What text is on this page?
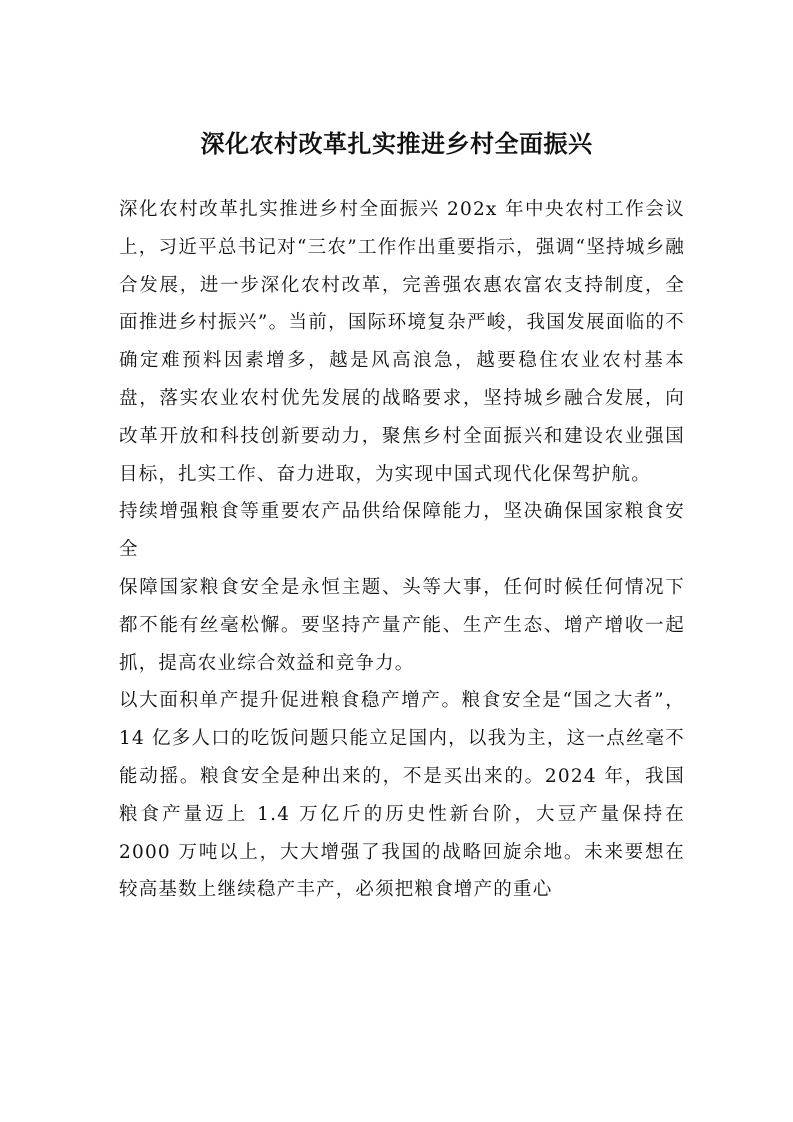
深化农村改革扎实推进乡村全面振兴

深化农村改革扎实推进乡村全面振兴 202x 年中央农村工作会议上，习近平总书记对“三农”工作作出重要指示，强调“坚持城乡融合发展，进一步深化农村改革，完善强农惠农富农支持制度，全面推进乡村振兴”。当前，国际环境复杂严峻，我国发展面临的不确定难预料因素增多，越是风高浪急，越要稳住农业农村基本盘，落实农业农村优先发展的战略要求，坚持城乡融合发展，向改革开放和科技创新要动力，聚焦乡村全面振兴和建设农业强国目标，扎实工作、奋力进取，为实现中国式现代化保驾护航。

持续增强粮食等重要农产品供给保障能力，坚决确保国家粮食安全

保障国家粮食安全是永恒主题、头等大事，任何时候任何情况下都不能有丝毫松懈。要坚持产量产能、生产生态、增产增收一起抓，提高农业综合效益和竞争力。

以大面积单产提升促进粮食稳产增产。粮食安全是“国之大者”，14 亿多人口的吃饭问题只能立足国内，以我为主，这一点丝毫不能动摇。粮食安全是种出来的，不是买出来的。2024 年，我国粮食产量迈上 1.4 万亿斤的历史性新台阶，大豆产量保持在 2000 万吨以上，大大增强了我国的战略回旋余地。未来要想在较高基数上继续稳产丰产，必须把粮食增产的重心
